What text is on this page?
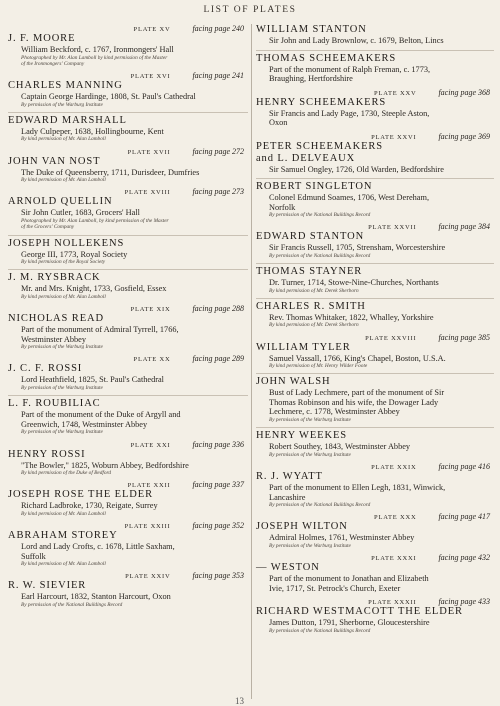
LIST OF PLATES
PLATE XV	facing page 240
J. F. MOORE
William Beckford, c. 1767, Ironmongers' Hall
Photographed by Mr. Alan Lamboll by kind permission of the Master
of the Ironmongers' Company
PLATE XVI	facing page 241
CHARLES MANNING
Captain George Hardinge, 1808, St. Paul's Cathedral
By permission of the Warburg Institute
EDWARD MARSHALL
Lady Culpeper, 1638, Hollingbourne, Kent
By kind permission of Mr. Alan Lamboll
PLATE XVII	facing page 272
JOHN VAN NOST
The Duke of Queensberry, 1711, Durisdeer, Dumfries
By kind permission of Mr. Alan Lamboll
PLATE XVIII	facing page 273
ARNOLD QUELLIN
Sir John Cutler, 1683, Grocers' Hall
Photographed by Mr. Alan Lamboll, by kind permission of the Master
of the Grocers' Company
JOSEPH NOLLEKENS
George III, 1773, Royal Society
By kind permission of the Royal Society
J. M. RYSBRACK
Mr. and Mrs. Knight, 1733, Gosfield, Essex
By kind permission of Mr. Alan Lamboll
PLATE XIX	facing page 288
NICHOLAS READ
Part of the monument of Admiral Tyrrell, 1766,
Westminster Abbey
By permission of the Warburg Institute
PLATE XX	facing page 289
J. C. F. ROSSI
Lord Heathfield, 1825, St. Paul's Cathedral
By permission of the Warburg Institute
L. F. ROUBILIAC
Part of the monument of the Duke of Argyll and
Greenwich, 1748, Westminster Abbey
By permission of the Warburg Institute
PLATE XXI	facing page 336
HENRY ROSSI
"The Bowler," 1825, Woburn Abbey, Bedfordshire
By kind permission of the Duke of Bedford
PLATE XXII	facing page 337
JOSEPH ROSE THE ELDER
Richard Ladbroke, 1730, Reigate, Surrey
By kind permission of Mr. Alan Lamboll
PLATE XXIII	facing page 352
ABRAHAM STOREY
Lord and Lady Crofts, c. 1678, Little Saxham,
Suffolk
By kind permission of Mr. Alan Lamboll
PLATE XXIV	facing page 353
R. W. SIEVIER
Earl Harcourt, 1832, Stanton Harcourt, Oxon
By permission of the National Buildings Record
WILLIAM STANTON
Sir John and Lady Brownlow, c. 1679, Belton, Lincs
THOMAS SCHEEMAKERS
Part of the monument of Ralph Freman, c. 1773,
Braughing, Hertfordshire
PLATE XXV	facing page 368
HENRY SCHEEMAKERS
Sir Francis and Lady Page, 1730, Steeple Aston,
Oxon
PLATE XXVI	facing page 369
PETER SCHEEMAKERS
and L. DELVEAUX
Sir Samuel Ongley, 1726, Old Warden, Bedfordshire
ROBERT SINGLETON
Colonel Edmund Soames, 1706, West Dereham,
Norfolk
By permission of the National Buildings Record
PLATE XXVII	facing page 384
EDWARD STANTON
Sir Francis Russell, 1705, Strensham, Worcestershire
By permission of the National Buildings Record
THOMAS STAYNER
Dr. Turner, 1714, Stowe-Nine-Churches, Northants
By kind permission of Mr. Derek Sherborn
CHARLES R. SMITH
Rev. Thomas Whitaker, 1822, Whalley, Yorkshire
By kind permission of Mr. Derek Sherborn
PLATE XXVIII	facing page 385
WILLIAM TYLER
Samuel Vassall, 1766, King's Chapel, Boston, U.S.A.
By kind permission of Mr. Henry Wilder Foote
JOHN WALSH
Bust of Lady Lechmere, part of the monument of Sir
Thomas Robinson and his wife, the Dowager Lady
Lechmere, c. 1778, Westminster Abbey
By permission of the Warburg Institute
HENRY WEEKES
Robert Southey, 1843, Westminster Abbey
By permission of the Warburg Institute
PLATE XXIX	facing page 416
R. J. WYATT
Part of the monument to Ellen Legh, 1831, Winwick,
Lancashire
By permission of the National Buildings Record
PLATE XXX	facing page 417
JOSEPH WILTON
Admiral Holmes, 1761, Westminster Abbey
By permission of the Warburg Institute
PLATE XXXI	facing page 432
— WESTON
Part of the monument to Jonathan and Elizabeth
Ivie, 1717, St. Petrock's Church, Exeter
PLATE XXXII	facing page 433
RICHARD WESTMACOTT THE ELDER
James Dutton, 1791, Sherborne, Gloucestershire
By permission of the National Buildings Record
13
